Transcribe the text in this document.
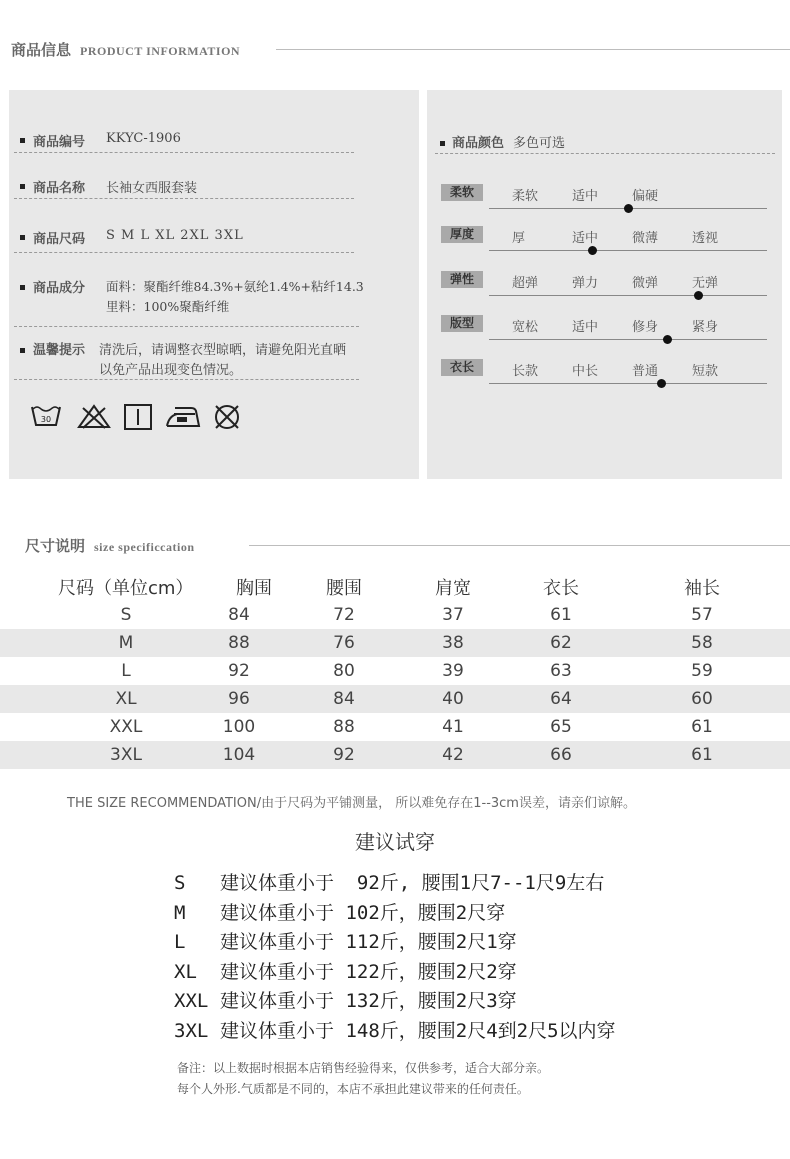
商品信息 PRODUCT INFORMATION
商品编号 KKYC-1906
商品名称 长袖女西服套装
商品尺码 S M L XL 2XL 3XL
商品成分 面料：聚酯纤维84.3%+氨纶1.4%+粘纤14.3
里料：100%聚酯纤维
温馨提示 清洗后，请调整衣型晾晒，请避免阳光直晒
以免产品出现变色情况。
30
商品颜色 多色可选
柔软	柔软	适中	偏硬
厚度	厚	适中	微薄	透视
弹性	超弹	弹力	微弹	无弹
版型	宽松	适中	修身	紧身
衣长	长款	中长	普通	短款
尺寸说明 size specificcation
尺码（单位cm）	胸围	腰围	肩宽	衣长	袖长
S	84	72	37	61	57
M	88	76	38	62	58
L	92	80	39	63	59
XL	96	84	40	64	60
XXL	100	88	41	65	61
3XL	104	92	42	66	61
THE SIZE RECOMMENDATION/由于尺码为平铺测量， 所以难免存在1--3cm误差，请亲们谅解。
建议试穿
S 建议体重小于  92斤, 腰围1尺7--1尺9左右
M 建议体重小于 102斤，腰围2尺穿
L 建议体重小于 112斤，腰围2尺1穿
XL 建议体重小于 122斤，腰围2尺2穿
XXL 建议体重小于 132斤，腰围2尺3穿
3XL 建议体重小于 148斤，腰围2尺4到2尺5以内穿
备注：以上数据时根据本店销售经验得来，仅供参考，适合大部分亲。
每个人外形.气质都是不同的，本店不承担此建议带来的任何责任。
